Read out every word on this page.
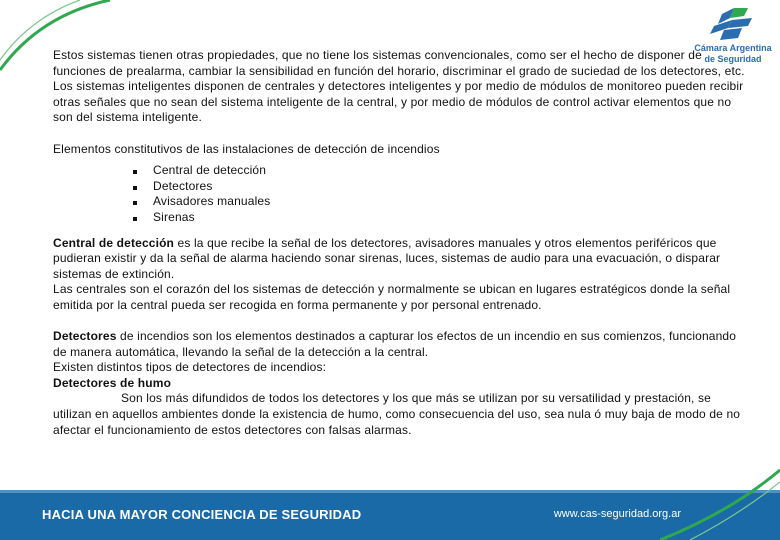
Cámara Argentina
de Seguridad

Estos sistemas tienen otras propiedades, que no tiene los sistemas convencionales, como ser el hecho de disponer de funciones de prealarma, cambiar la sensibilidad en función del horario, discriminar el grado de suciedad de los detectores, etc.

Los sistemas inteligentes disponen de centrales y detectores inteligentes y por medio de módulos de monitoreo pueden recibir otras señales que no sean del sistema inteligente de la central, y por medio de módulos de control activar elementos que no son del sistema inteligente.

Elementos constitutivos de las instalaciones de detección de incendios

Central de detección
Detectores
Avisadores manuales
Sirenas

Central de detección es la que recibe la señal de los detectores, avisadores manuales y otros elementos periféricos que pudieran existir y da la señal de alarma haciendo sonar sirenas, luces, sistemas de audio para una evacuación, o disparar sistemas de extinción.

Las centrales son el corazón del los sistemas de detección y normalmente se ubican en lugares estratégicos donde la señal emitida por la central pueda ser recogida en forma permanente y por personal entrenado.

Detectores de incendios son los elementos destinados a capturar los efectos de un incendio en sus comienzos, funcionando de manera automática, llevando la señal de la detección a la central.

Existen distintos tipos de detectores de incendios:

Detectores de humo

Son los más difundidos de todos los detectores y los que más se utilizan por su versatilidad y prestación, se utilizan en aquellos ambientes donde la existencia de humo, como consecuencia del uso, sea nula ó muy baja de modo de no afectar el funcionamiento de estos detectores con falsas alarmas.

HACIA UNA MAYOR CONCIENCIA DE SEGURIDAD	www.cas-seguridad.org.ar
